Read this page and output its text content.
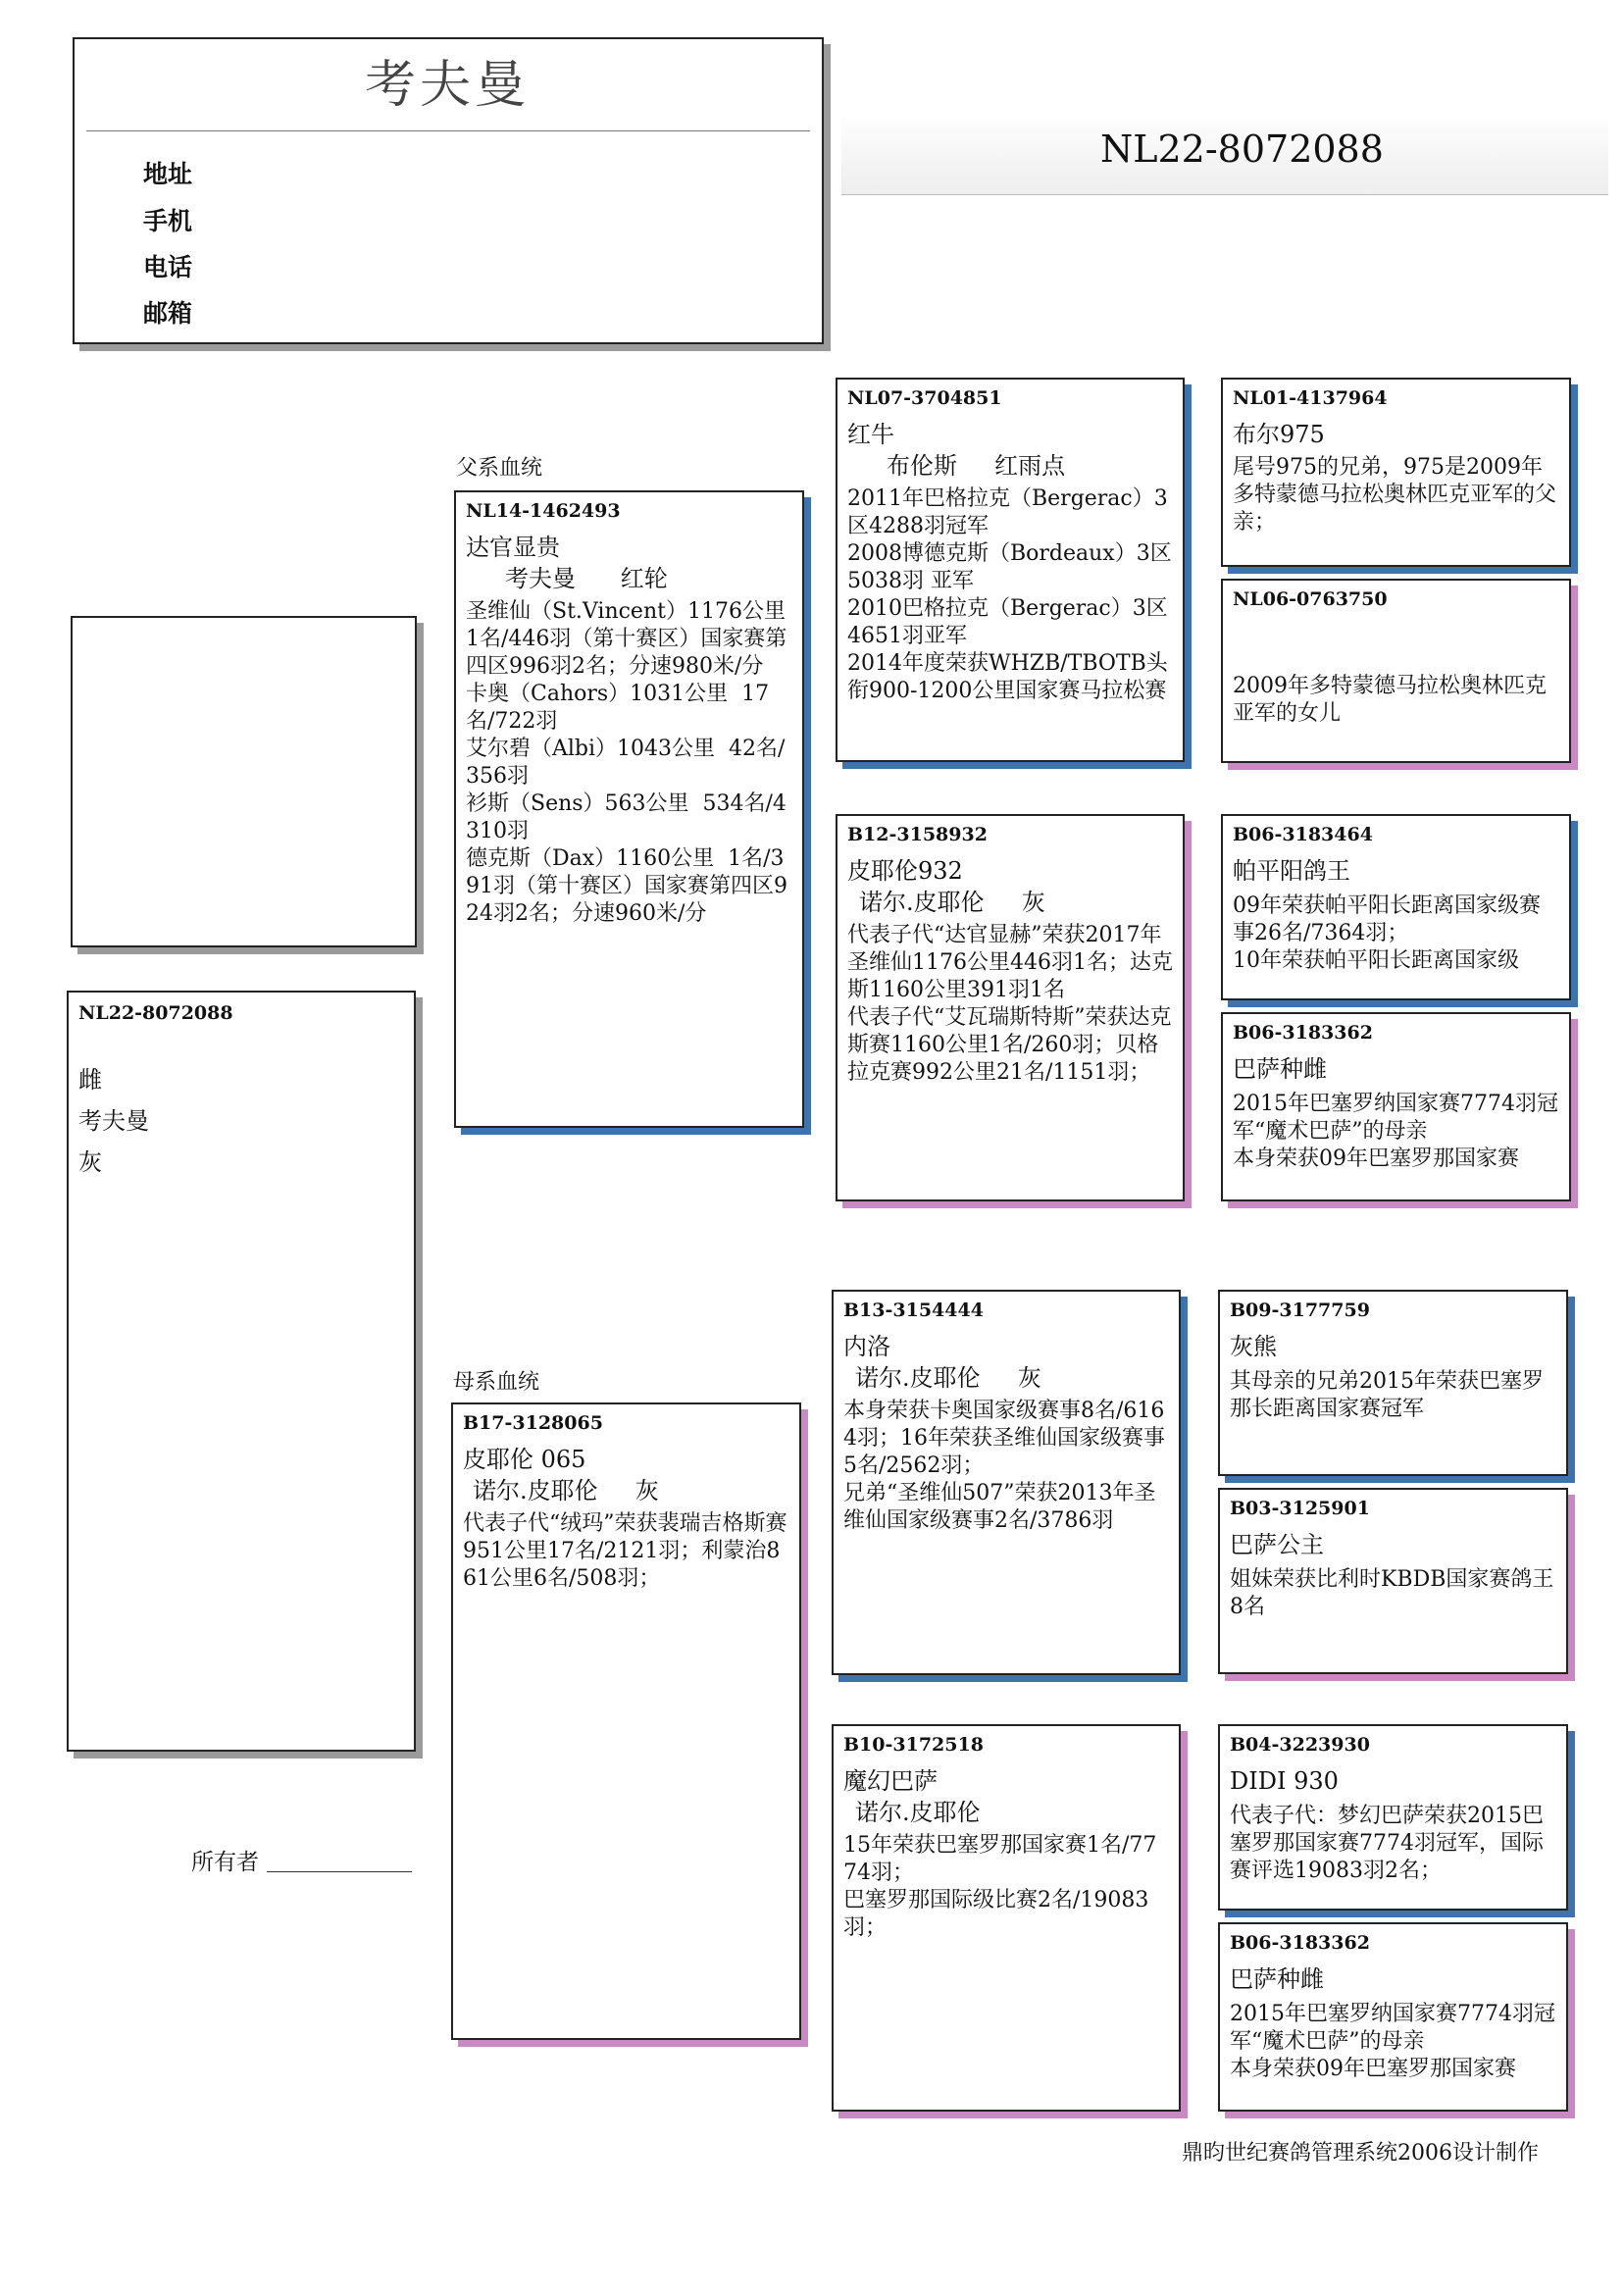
考夫曼
地址
手机
电话
邮箱
NL22-8072088
NL22-8072088
雌
考夫曼
灰
所有者
父系血统
母系血统
NL14-1462493
达官显贵
考夫曼      红轮
圣维仙（St.Vincent）1176公里  1名/446羽（第十赛区）国家赛第四区996羽2名；分速980米/分
卡奥（Cahors）1031公里  17名/722羽
艾尔碧（Albi）1043公里  42名/356羽
衫斯（Sens）563公里  534名/4310羽
德克斯（Dax）1160公里  1名/391羽（第十赛区）国家赛第四区924羽2名；分速960米/分
B17-3128065
皮耶伦 065
诺尔.皮耶伦     灰
代表子代“绒玛”荣获裴瑞吉格斯赛951公里17名/2121羽；利蒙治861公里6名/508羽；
NL07-3704851
红牛
布伦斯     红雨点
2011年巴格拉克（Bergerac）3区4288羽冠军
2008博德克斯（Bordeaux）3区 5038羽 亚军
2010巴格拉克（Bergerac）3区   4651羽亚军
2014年度荣获WHZB/TBOTB头衔900-1200公里国家赛马拉松赛
B12-3158932
皮耶伦932
诺尔.皮耶伦     灰
代表子代“达官显赫”荣获2017年圣维仙1176公里446羽1名；达克斯1160公里391羽1名
代表子代“艾瓦瑞斯特斯”荣获达克斯赛1160公里1名/260羽；贝格拉克赛992公里21名/1151羽；
B13-3154444
内洛
诺尔.皮耶伦     灰
本身荣获卡奥国家级赛事8名/6164羽；16年荣获圣维仙国家级赛事5名/2562羽；
兄弟“圣维仙507”荣获2013年圣维仙国家级赛事2名/3786羽
B10-3172518
魔幻巴萨
诺尔.皮耶伦
15年荣获巴塞罗那国家赛1名/7774羽；
巴塞罗那国际级比赛2名/19083羽；
NL01-4137964
布尔975
尾号975的兄弟，975是2009年多特蒙德马拉松奥林匹克亚军的父亲；
NL06-0763750
2009年多特蒙德马拉松奥林匹克亚军的女儿
B06-3183464
帕平阳鸽王
09年荣获帕平阳长距离国家级赛事26名/7364羽；
10年荣获帕平阳长距离国家级
B06-3183362
巴萨种雌
2015年巴塞罗纳国家赛7774羽冠军“魔术巴萨”的母亲
本身荣获09年巴塞罗那国家赛
B09-3177759
灰熊
其母亲的兄弟2015年荣获巴塞罗那长距离国家赛冠军
B03-3125901
巴萨公主
姐妹荣获比利时KBDB国家赛鸽王8名
B04-3223930
DIDI 930
代表子代：梦幻巴萨荣获2015巴塞罗那国家赛7774羽冠军，国际赛评选19083羽2名；
B06-3183362
巴萨种雌
2015年巴塞罗纳国家赛7774羽冠军“魔术巴萨”的母亲
本身荣获09年巴塞罗那国家赛
鼎昀世纪赛鸽管理系统2006设计制作
